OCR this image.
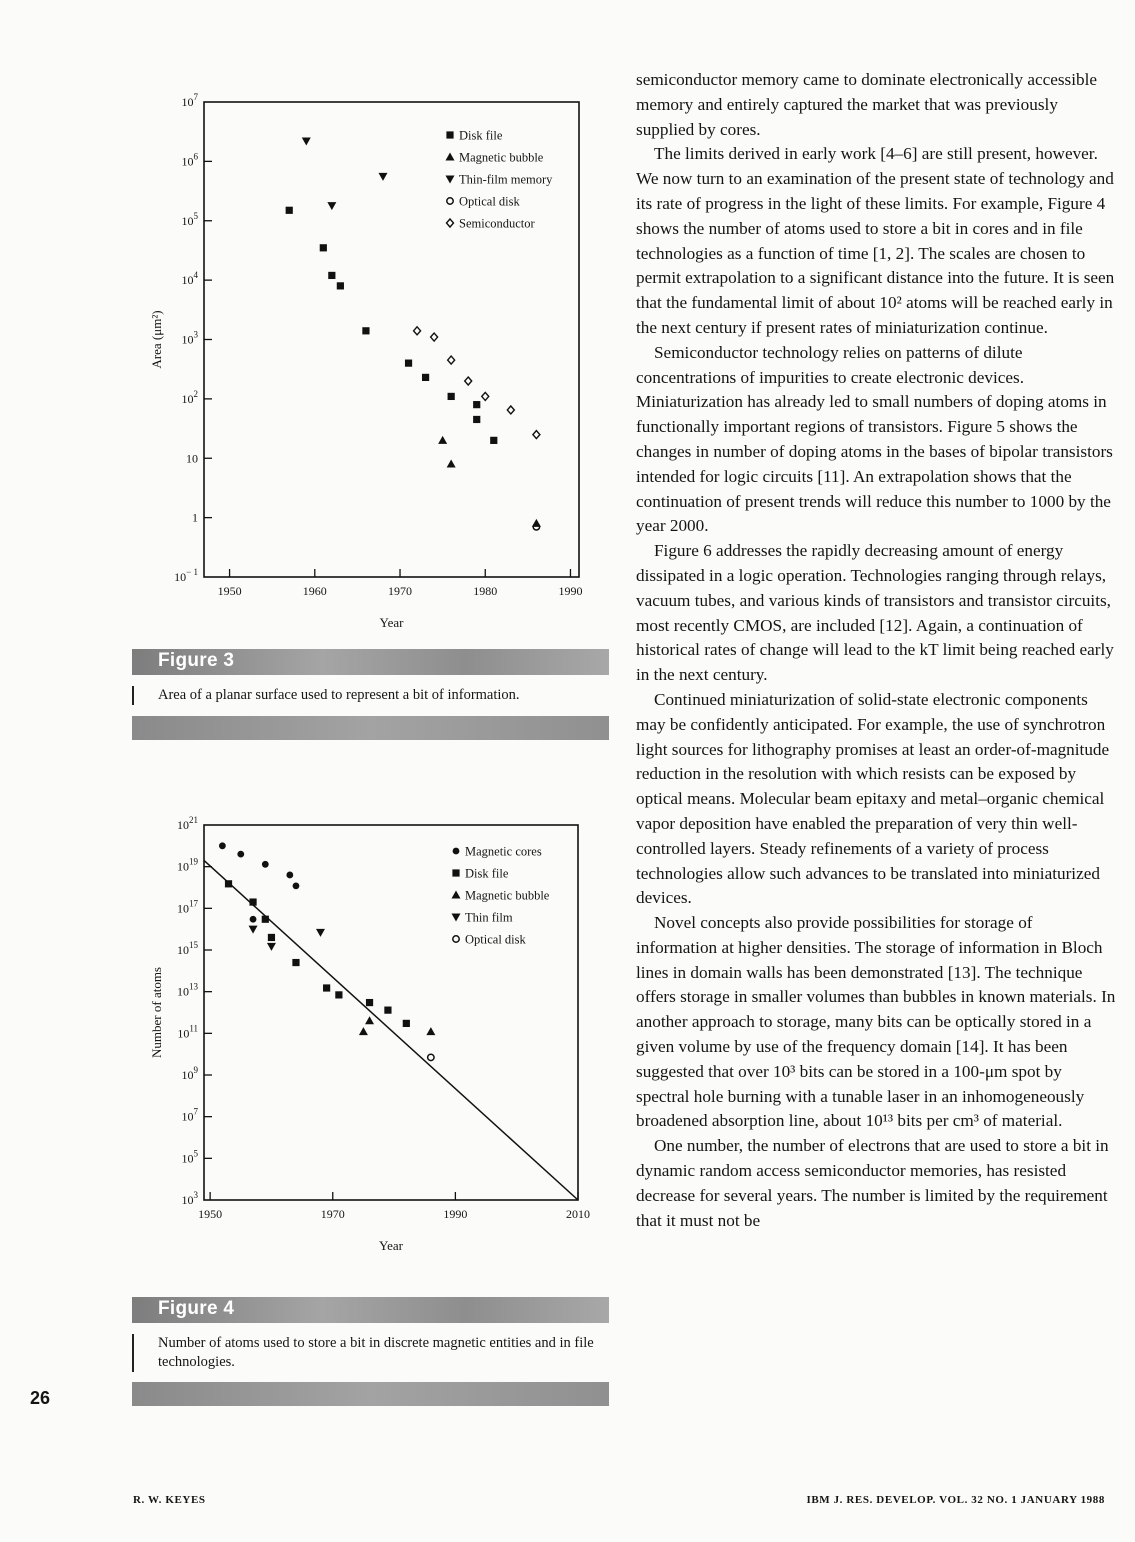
$10^7$
$10^6$
$10^5$
$10^4$
$10^3$
$10^2$
10
1
$10^{- 1}$
1950	1960	1970	1980	1990
Year
Area (μm²)
Disk file
Magnetic bubble
Thin-film memory
Optical disk
Semiconductor
Figure 3
Area of a planar surface used to represent a bit of information.
$10^{21}$
$10^{19}$
$10^{17}$
$10^{15}$
$10^{13}$
$10^{11}$
$10^9$
$10^7$
$10^5$
$10^3$
1950	1970	1990	2010
Year
Number of atoms
Magnetic cores
Disk file
Magnetic bubble
Thin film
Optical disk
Figure 4
Number of atoms used to store a bit in discrete magnetic entities and in file technologies.

semiconductor memory came to dominate electronically accessible memory and entirely captured the market that was previously supplied by cores.

The limits derived in early work [4–6] are still present, however. We now turn to an examination of the present state of technology and its rate of progress in the light of these limits. For example, Figure 4 shows the number of atoms used to store a bit in cores and in file technologies as a function of time [1, 2]. The scales are chosen to permit extrapolation to a significant distance into the future. It is seen that the fundamental limit of about 10² atoms will be reached early in the next century if present rates of miniaturization continue.

Semiconductor technology relies on patterns of dilute concentrations of impurities to create electronic devices. Miniaturization has already led to small numbers of doping atoms in functionally important regions of transistors. Figure 5 shows the changes in number of doping atoms in the bases of bipolar transistors intended for logic circuits [11]. An extrapolation shows that the continuation of present trends will reduce this number to 1000 by the year 2000.

Figure 6 addresses the rapidly decreasing amount of energy dissipated in a logic operation. Technologies ranging through relays, vacuum tubes, and various kinds of transistors and transistor circuits, most recently CMOS, are included [12]. Again, a continuation of historical rates of change will lead to the kT limit being reached early in the next century.

Continued miniaturization of solid-state electronic components may be confidently anticipated. For example, the use of synchrotron light sources for lithography promises at least an order-of-magnitude reduction in the resolution with which resists can be exposed by optical means. Molecular beam epitaxy and metal–organic chemical vapor deposition have enabled the preparation of very thin well-controlled layers. Steady refinements of a variety of process technologies allow such advances to be translated into miniaturized devices.

Novel concepts also provide possibilities for storage of information at higher densities. The storage of information in Bloch lines in domain walls has been demonstrated [13]. The technique offers storage in smaller volumes than bubbles in known materials. In another approach to storage, many bits can be optically stored in a given volume by use of the frequency domain [14]. It has been suggested that over 10³ bits can be stored in a 100-μm spot by spectral hole burning with a tunable laser in an inhomogeneously broadened absorption line, about 10¹³ bits per cm³ of material.

One number, the number of electrons that are used to store a bit in dynamic random access semiconductor memories, has resisted decrease for several years. The number is limited by the requirement that it must not be

26
R. W. KEYES	IBM J. RES. DEVELOP. VOL. 32 NO. 1 JANUARY 1988
